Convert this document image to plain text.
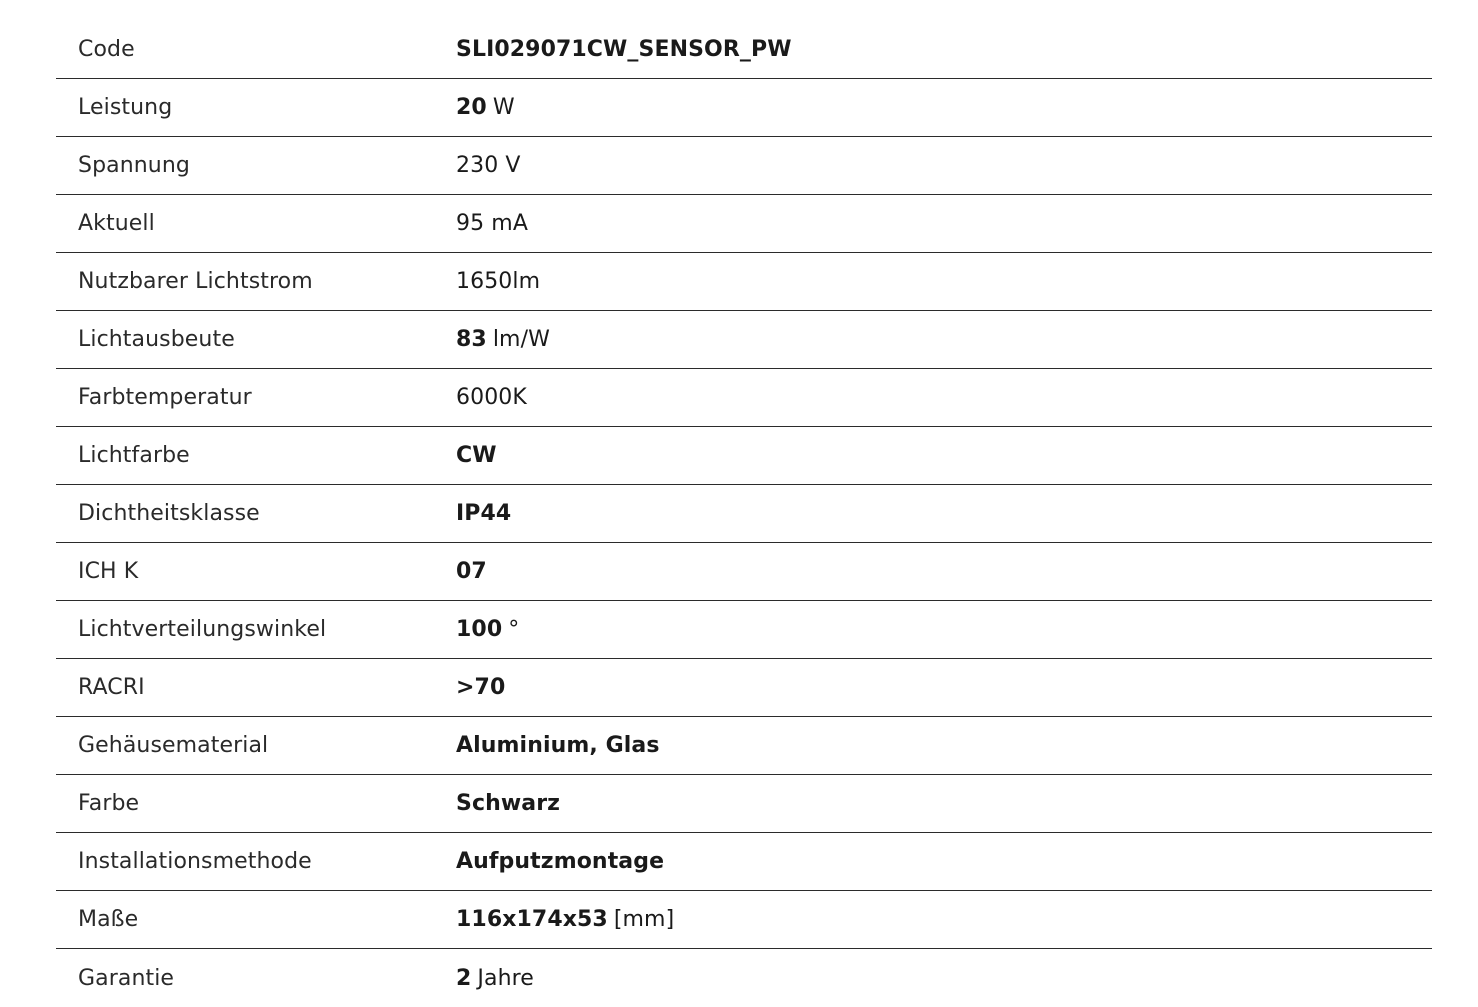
Code	SLI029071CW_SENSOR_PW
Leistung	20 W
Spannung	230 V
Aktuell	95 mA
Nutzbarer Lichtstrom	1650lm
Lichtausbeute	83 lm/W
Farbtemperatur	6000K
Lichtfarbe	CW
Dichtheitsklasse	IP44
ICH K	07
Lichtverteilungswinkel	100 °
RACRI	>70
Gehäusematerial	Aluminium, Glas
Farbe	Schwarz
Installationsmethode	Aufputzmontage
Maße	116x174x53 [mm]
Garantie	2 Jahre
